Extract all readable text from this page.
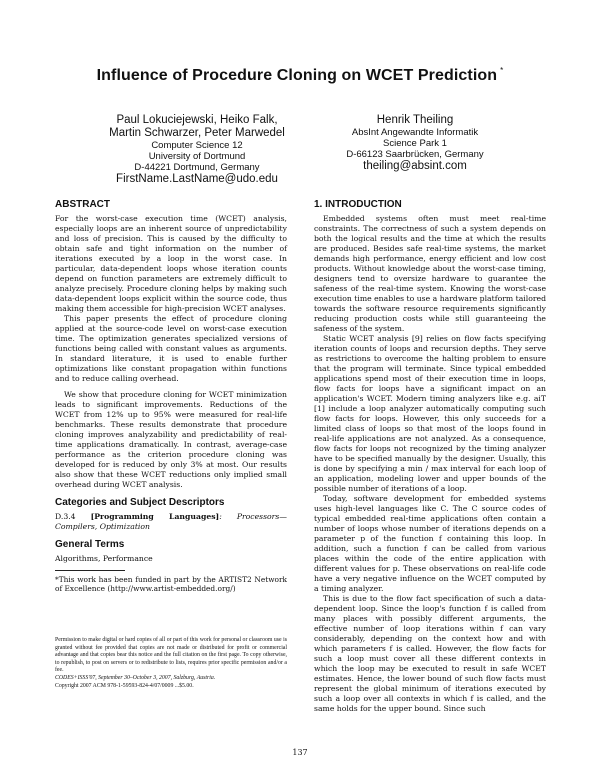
Influence of Procedure Cloning on WCET Prediction *
Paul Lokuciejewski, Heiko Falk,
Martin Schwarzer, Peter Marwedel
Computer Science 12
University of Dortmund
D-44221 Dortmund, Germany
FirstName.LastName@udo.edu
Henrik Theiling
AbsInt Angewandte Informatik
Science Park 1
D-66123 Saarbrücken, Germany
theiling@absint.com
ABSTRACT

For the worst-case execution time (WCET) analysis, especially loops are an inherent source of unpredictability and loss of precision. This is caused by the difficulty to obtain safe and tight information on the number of iterations executed by a loop in the worst case. In particular, data-dependent loops whose iteration counts depend on function parameters are extremely difficult to analyze precisely. Procedure cloning helps by making such data-dependent loops explicit within the source code, thus making them accessible for high-precision WCET analyses.

This paper presents the effect of procedure cloning applied at the source-code level on worst-case execution time. The optimization generates specialized versions of functions being called with constant values as arguments. In standard literature, it is used to enable further optimizations like constant propagation within functions and to reduce calling overhead.

We show that procedure cloning for WCET minimization leads to significant improvements. Reductions of the WCET from 12% up to 95% were measured for real-life benchmarks. These results demonstrate that procedure cloning improves analyzability and predictability of real-time applications dramatically. In contrast, average-case performance as the criterion procedure cloning was developed for is reduced by only 3% at most. Our results also show that these WCET reductions only implied small overhead during WCET analysis.

Categories and Subject Descriptors

D.3.4 [Programming Languages]: Processors—Compilers, Optimization

General Terms

Algorithms, Performance

*This work has been funded in part by the ARTIST2 Network of Excellence (http://www.artist-embedded.org/)

Permission to make digital or hard copies of all or part of this work for personal or classroom use is granted without fee provided that copies are not made or distributed for profit or commercial advantage and that copies bear this notice and the full citation on the first page. To copy otherwise, to republish, to post on servers or to redistribute to lists, requires prior specific permission and/or a fee.
CODES+ISSS'07, September 30–October 3, 2007, Salzburg, Austria.
Copyright 2007 ACM 978-1-59593-824-4/07/0009 ...$5.00.
1. INTRODUCTION

Embedded systems often must meet real-time constraints. The correctness of such a system depends on both the logical results and the time at which the results are produced. Besides safe real-time systems, the market demands high performance, energy efficient and low cost products. Without knowledge about the worst-case timing, designers tend to oversize hardware to guarantee the safeness of the real-time system. Knowing the worst-case execution time enables to use a hardware platform tailored towards the software resource requirements significantly reducing production costs while still guaranteeing the safeness of the system.

Static WCET analysis [9] relies on flow facts specifying iteration counts of loops and recursion depths. They serve as restrictions to overcome the halting problem to ensure that the program will terminate. Since typical embedded applications spend most of their execution time in loops, flow facts for loops have a significant impact on an application's WCET. Modern timing analyzers like e.g. aiT [1] include a loop analyzer automatically computing such flow facts for loops. However, this only succeeds for a limited class of loops so that most of the loops found in real-life applications are not analyzed. As a consequence, flow facts for loops not recognized by the timing analyzer have to be specified manually by the designer. Usually, this is done by specifying a min / max interval for each loop of an application, modeling lower and upper bounds of the possible number of iterations of a loop.

Today, software development for embedded systems uses high-level languages like C. The C source codes of typical embedded real-time applications often contain a number of loops whose number of iterations depends on a parameter p of the function f containing this loop. In addition, such a function f can be called from various places within the code of the entire application with different values for p. These observations on real-life code have a very negative influence on the WCET computed by a timing analyzer.

This is due to the flow fact specification of such a data-dependent loop. Since the loop's function f is called from many places with possibly different arguments, the effective number of loop iterations within f can vary considerably, depending on the context how and with which parameters f is called. However, the flow facts for such a loop must cover all these different contexts in which the loop may be executed to result in safe WCET estimates. Hence, the lower bound of such flow facts must represent the global minimum of iterations executed by such a loop over all contexts in which f is called, and the same holds for the upper bound. Since such

137
